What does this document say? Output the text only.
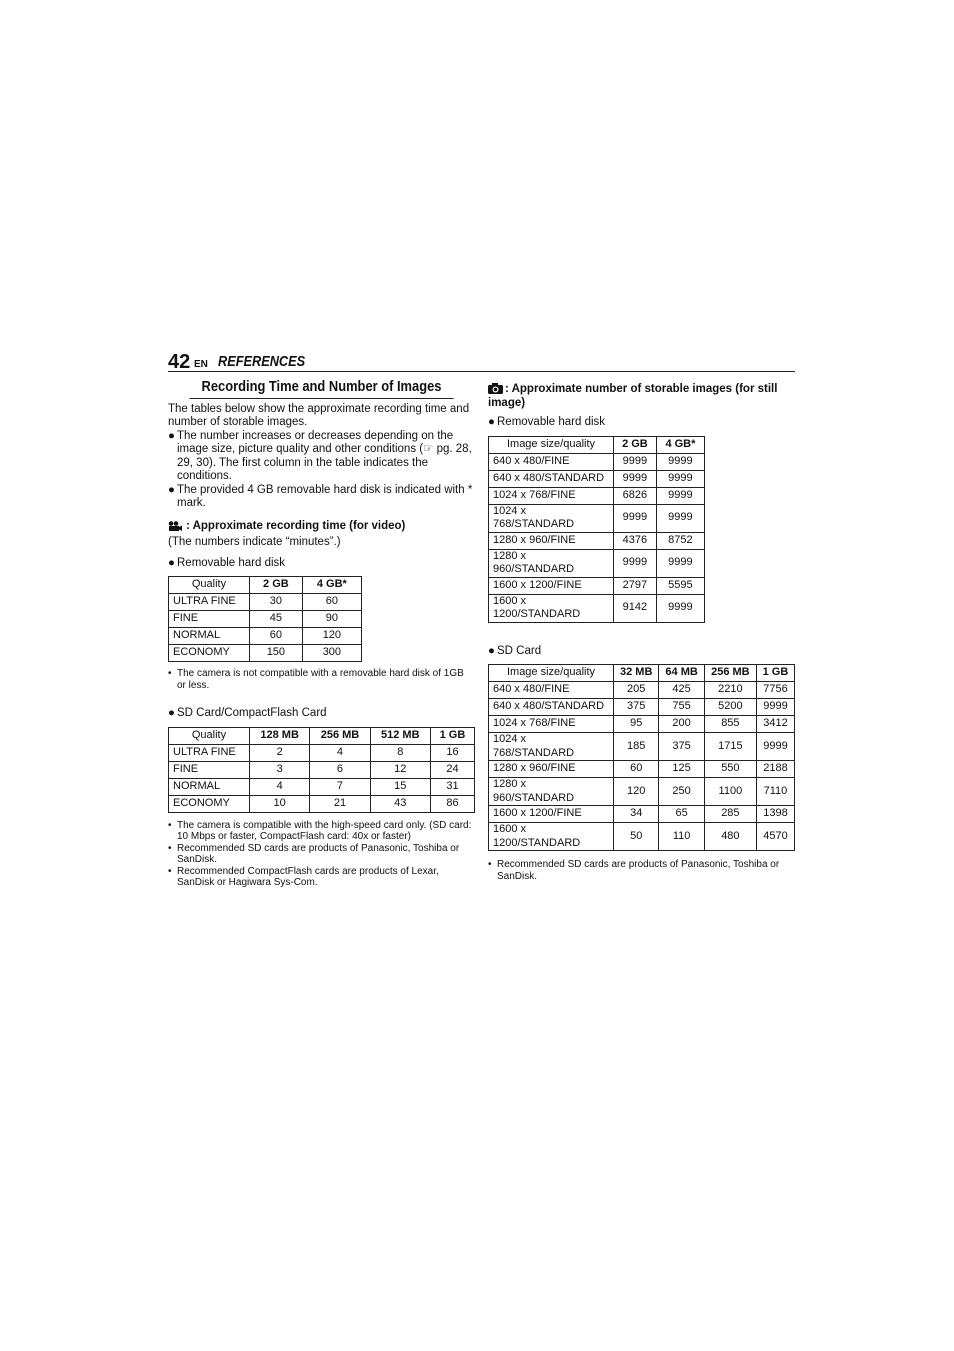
42 EN REFERENCES
Recording Time and Number of Images

The tables below show the approximate recording time and number of storable images.

● The number increases or decreases depending on the image size, picture quality and other conditions (☞ pg. 28, 29, 30). The first column in the table indicates the conditions.
● The provided 4 GB removable hard disk is indicated with * mark.
: Approximate recording time (for video)

(The numbers indicate “minutes”.)

● Removable hard disk
Quality	2 GB	4 GB*
ULTRA FINE	30	60
FINE	45	90
NORMAL	60	120
ECONOMY	150	300
• The camera is not compatible with a removable hard disk of 1GB or less.
● SD Card/CompactFlash Card
Quality	128 MB	256 MB	512 MB	1 GB
ULTRA FINE	2	4	8	16
FINE	3	6	12	24
NORMAL	4	7	15	31
ECONOMY	10	21	43	86
• The camera is compatible with the high-speed card only. (SD card: 10 Mbps or faster, CompactFlash card: 40x or faster)
• Recommended SD cards are products of Panasonic, Toshiba or SanDisk.
• Recommended CompactFlash cards are products of Lexar, SanDisk or Hagiwara Sys-Com.
: Approximate number of storable images (for still image)
● Removable hard disk
Image size/quality	2 GB	4 GB*
640 x 480/FINE	9999	9999
640 x 480/STANDARD	9999	9999
1024 x 768/FINE	6826	9999
1024 x 768/STANDARD	9999	9999
1280 x 960/FINE	4376	8752
1280 x 960/STANDARD	9999	9999
1600 x 1200/FINE	2797	5595
1600 x 1200/STANDARD	9142	9999
● SD Card
Image size/quality	32 MB	64 MB	256 MB	1 GB
640 x 480/FINE	205	425	2210	7756
640 x 480/STANDARD	375	755	5200	9999
1024 x 768/FINE	95	200	855	3412
1024 x 768/STANDARD	185	375	1715	9999
1280 x 960/FINE	60	125	550	2188
1280 x 960/STANDARD	120	250	1100	7110
1600 x 1200/FINE	34	65	285	1398
1600 x 1200/STANDARD	50	110	480	4570
• Recommended SD cards are products of Panasonic, Toshiba or SanDisk.
